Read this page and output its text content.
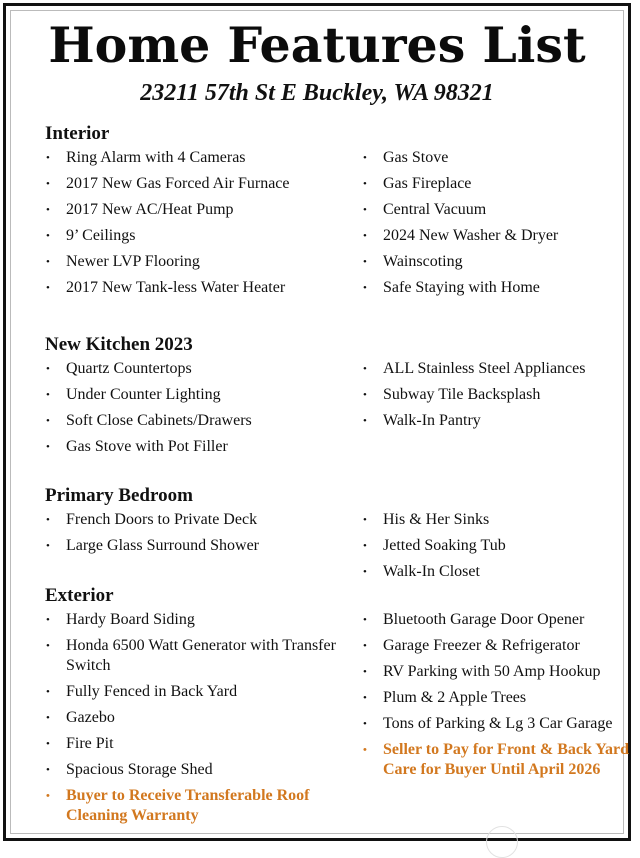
Home Features List
23211 57th St E Buckley, WA 98321
Interior
• Ring Alarm with 4 Cameras
• 2017 New Gas Forced Air Furnace
• 2017 New AC/Heat Pump
• 9’ Ceilings
• Newer LVP Flooring
• 2017 New Tank-less Water Heater
• Gas Stove
• Gas Fireplace
• Central Vacuum
• 2024 New Washer & Dryer
• Wainscoting
• Safe Staying with Home
New Kitchen 2023
• Quartz Countertops
• Under Counter Lighting
• Soft Close Cabinets/Drawers
• Gas Stove with Pot Filler
• ALL Stainless Steel Appliances
• Subway Tile Backsplash
• Walk-In Pantry
Primary Bedroom
• French Doors to Private Deck
• Large Glass Surround Shower
• His & Her Sinks
• Jetted Soaking Tub
• Walk-In Closet
Exterior
• Hardy Board Siding
• Honda 6500 Watt Generator with Transfer Switch
• Fully Fenced in Back Yard
• Gazebo
• Fire Pit
• Spacious Storage Shed
• Buyer to Receive Transferable Roof Cleaning Warranty
• Bluetooth Garage Door Opener
• Garage Freezer & Refrigerator
• RV Parking with 50 Amp Hookup
• Plum & 2 Apple Trees
• Tons of Parking & Lg 3 Car Garage
• Seller to Pay for Front & Back Yard Care for Buyer Until April 2026
